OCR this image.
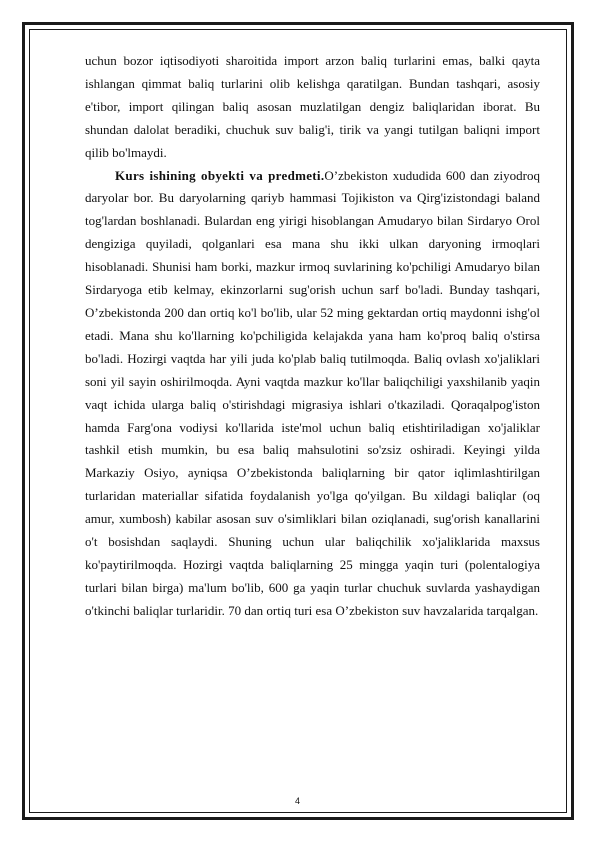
uchun bozor iqtisodiyoti sharoitida import arzon baliq turlarini emas, balki qayta ishlangan qimmat baliq turlarini olib kelishga qaratilgan. Bundan tashqari, asosiy e'tibor, import qilingan baliq asosan muzlatilgan dengiz baliqlaridan iborat. Bu shundan dalolat beradiki, chuchuk suv balig'i, tirik va yangi tutilgan baliqni import qilib bo'lmaydi.

Kurs ishining obyekti va predmeti.O’zbekiston xududida 600 dan ziyodroq daryolar bor. Bu daryolarning qariyb hammasi Tojikiston va Qirg'izistondagi baland tog'lardan boshlanadi. Bulardan eng yirigi hisoblangan Amudaryo bilan Sirdaryo Orol dengiziga quyiladi, qolganlari esa mana shu ikki ulkan daryoning irmoqlari hisoblanadi. Shunisi ham borki, mazkur irmoq suvlarining ko'pchiligi Amudaryo bilan Sirdaryoga etib kelmay, ekinzorlarni sug'orish uchun sarf bo'ladi. Bunday tashqari, O’zbekistonda 200 dan ortiq ko'l bo'lib, ular 52 ming gektardan ortiq maydonni ishg'ol etadi. Mana shu ko'llarning ko'pchiligida kelajakda yana ham ko'proq baliq o'stirsa bo'ladi. Hozirgi vaqtda har yili juda ko'plab baliq tutilmoqda. Baliq ovlash xo'jaliklari soni yil sayin oshirilmoqda. Ayni vaqtda mazkur ko'llar baliqchiligi yaxshilanib yaqin vaqt ichida ularga baliq o'stirishdagi migrasiya ishlari o'tkaziladi. Qoraqalpog'iston hamda Farg'ona vodiysi ko'llarida iste'mol uchun baliq etishtiriladigan xo'jaliklar tashkil etish mumkin, bu esa baliq mahsulotini so'zsiz oshiradi. Keyingi yilda Markaziy Osiyo, ayniqsa O’zbekistonda baliqlarning bir qator iqlimlashtirilgan turlaridan materiallar sifatida foydalanish yo'lga qo'yilgan. Bu xildagi baliqlar (oq amur, xumbosh) kabilar asosan suv o'simliklari bilan oziqlanadi, sug'orish kanallarini o't bosishdan saqlaydi. Shuning uchun ular baliqchilik xo'jaliklarida maxsus ko'paytirilmoqda. Hozirgi vaqtda baliqlarning 25 mingga yaqin turi (polentalogiya turlari bilan birga) ma'lum bo'lib, 600 ga yaqin turlar chuchuk suvlarda yashaydigan o'tkinchi baliqlar turlaridir. 70 dan ortiq turi esa O’zbekiston suv havzalarida tarqalgan.

4
